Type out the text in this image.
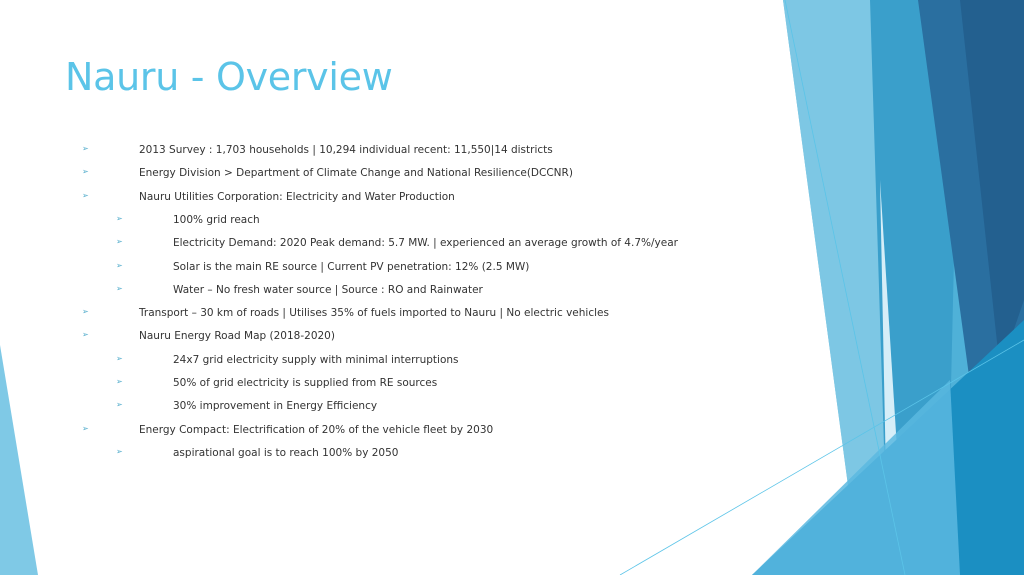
Nauru - Overview
➢	2013 Survey : 1,703 households | 10,294 individual recent: 11,550|14 districts
➢	Energy Division > Department of Climate Change and National Resilience(DCCNR)
➢	Nauru Utilities Corporation: Electricity and Water Production
➢	100% grid reach
➢	Electricity Demand: 2020 Peak demand: 5.7 MW. | experienced an average growth of 4.7%/year
➢	Solar is the main RE source | Current PV penetration: 12% (2.5 MW)
➢	Water – No fresh water source | Source : RO and Rainwater
➢	Transport – 30 km of roads | Utilises 35% of fuels imported to Nauru | No electric vehicles
➢	Nauru Energy Road Map (2018-2020)
➢	24x7 grid electricity supply with minimal interruptions
➢	50% of grid electricity is supplied from RE sources
➢	30% improvement in Energy Efficiency
➢	Energy Compact: Electrification of 20% of the vehicle fleet by 2030
➢	aspirational goal is to reach 100% by 2050
